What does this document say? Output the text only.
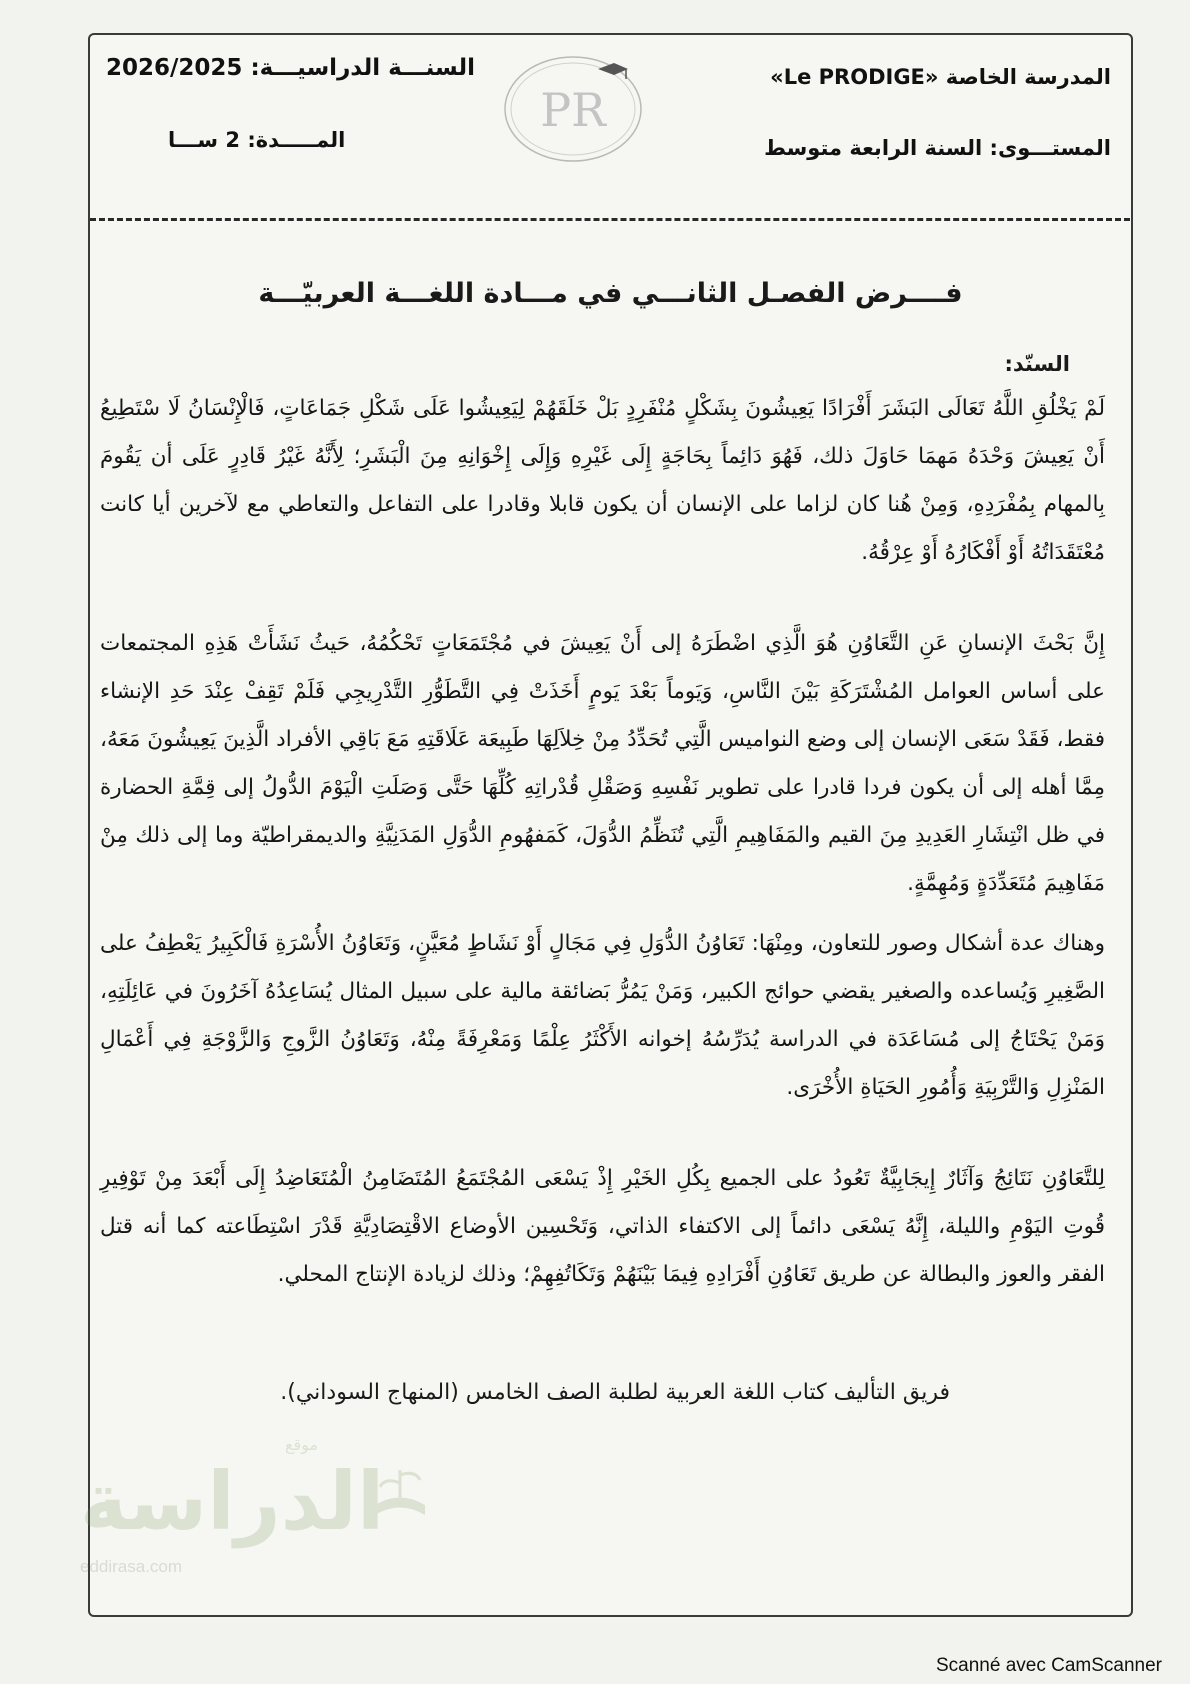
المدرسة الخاصة «Le PRODIGE»
المستـــوى: السنة الرابعة متوسط
السنـــة الدراسيـــة: 2026/2025
المـــــدة: 2 ســـا
PR
فــــرض الفصـل الثانـــي في مـــادة اللغـــة العربيّـــة
السنّد:
لَمْ يَخْلُقِ اللَّهُ تَعَالَى البَشَرَ أَفْرَادًا يَعِيشُونَ بِشَكْلٍ مُنْفَرِدٍ بَلْ خَلَقَهُمْ لِيَعِيشُوا عَلَى شَكْلِ جَمَاعَاتٍ، فَالْإِنْسَانُ لَا سْتَطِيعُ أَنْ يَعِيشَ وَحْدَهُ مَهمَا حَاوَلَ ذلك، فَهُوَ دَائِماً بِحَاجَةٍ إِلَى غَيْرِهِ وَإِلَى إِخْوَانِهِ مِنَ الْبَشَرِ؛ لِأَنَّهُ غَيْرُ قَادِرٍ عَلَى أن يَقُومَ بِالمهام بِمُفْرَدِهِ، وَمِنْ هُنا كان لزاما على الإنسان أن يكون قابلا وقادرا على التفاعل والتعاطي مع لآخرين أيا كانت مُعْتَقَدَاتُهُ أَوْ أَفْكَارُهُ أَوْ عِرْقُهُ.
إِنَّ بَحْثَ الإنسانِ عَنِ التَّعَاوُنِ هُوَ الَّذِي اضْطَرَهُ إلى أَنْ يَعِيشَ في مُجْتَمَعَاتٍ تَحْكُمُهُ، حَيثُ نَشَأَتْ هَذِهِ المجتمعات على أساس العوامل المُشْتَرَكَةِ بَيْنَ النَّاسِ، وَيَوماً بَعْدَ يَومٍ أَخَذَتْ فِي التَّطَوُّرِ التَّدْرِيجِي فَلَمْ تَقِفْ عِنْدَ حَدِ الإنشاء فقط، فَقَدْ سَعَى الإنسان إلى وضع النواميس الَّتِي تُحَدِّدُ مِنْ خِلاَلِهَا طَبِيعَة عَلَاقَتِهِ مَعَ بَاقِي الأفراد الَّذِينَ يَعِيشُونَ مَعَهُ، مِمَّا أهله إلى أن يكون فردا قادرا على تطوير نَفْسِهِ وَصَقْلِ قُدْراتِهِ كُلِّهَا حَتَّى وَصَلَتِ الْيَوْمَ الدُّولُ إلى قِمَّةِ الحضارة في ظل انْتِشَارِ العَدِيدِ مِنَ القيم والمَفَاهِيمِ الَّتِي تُنَظِّمُ الدُّوَلَ، كَمَفهُومِ الدُّوَلِ المَدَنِيَّةِ والديمقراطيّة وما إلى ذلك مِنْ مَفَاهِيمَ مُتَعَدِّدَةٍ وَمُهِمَّةٍ.
وهناك عدة أشكال وصور للتعاون، ومِنْهَا: تَعَاوُنُ الدُّوَلِ فِي مَجَالٍ أَوْ نَشَاطٍ مُعَيَّنٍ، وَتَعَاوُنُ الأُسْرَةِ فَالْكَبِيرُ يَعْطِفُ على الصَّغِيرِ وَيُساعده والصغير يقضي حوائج الكبير، وَمَنْ يَمُرُّ بَضائقة مالية على سبيل المثال يُسَاعِدُهُ آخَرُونَ في عَائِلَتِهِ، وَمَنْ يَحْتَاجُ إلى مُسَاعَدَة في الدراسة يُدَرِّسُهُ إخوانه الأَكْثَرُ عِلْمًا وَمَعْرِفَةً مِنْهُ، وَتَعَاوُنُ الزَّوجِ وَالزَّوْجَةِ فِي أَعْمَالِ المَنْزِلِ وَالتَّرْبِيَةِ وَأُمُورِ الحَيَاةِ الأُخْرَى.
لِلتَّعَاوُنِ نَتَائِجُ وَآثَارٌ إِيجَابِيَّةٌ تَعُودُ على الجميع بِكُلِ الخَيْرِ إِذْ يَسْعَى المُجْتَمَعُ المُتَضَامِنُ الْمُتَعَاضِدُ إِلَى أَبْعَدَ مِنْ تَوْفِيرِ قُوتِ اليَوْمِ والليلة، إِنَّهُ يَسْعَى دائماً إلى الاكتفاء الذاتي، وَتَحْسِين الأوضاع الاقْتِصَادِيَّةِ قَدْرَ اسْتِطَاعته كما أنه قتل الفقر والعوز والبطالة عن طريق تَعَاوُنِ أَفْرَادِهِ فِيمَا بَيْنَهُمْ وَتَكَاتُفِهِمْ؛ وذلك لزيادة الإنتاج المحلي.
فريق التأليف كتاب اللغة العربية لطلبة الصف الخامس (المنهاج السوداني).
موقع
الدراسة
eddirasa.com
Scanné avec CamScanner
